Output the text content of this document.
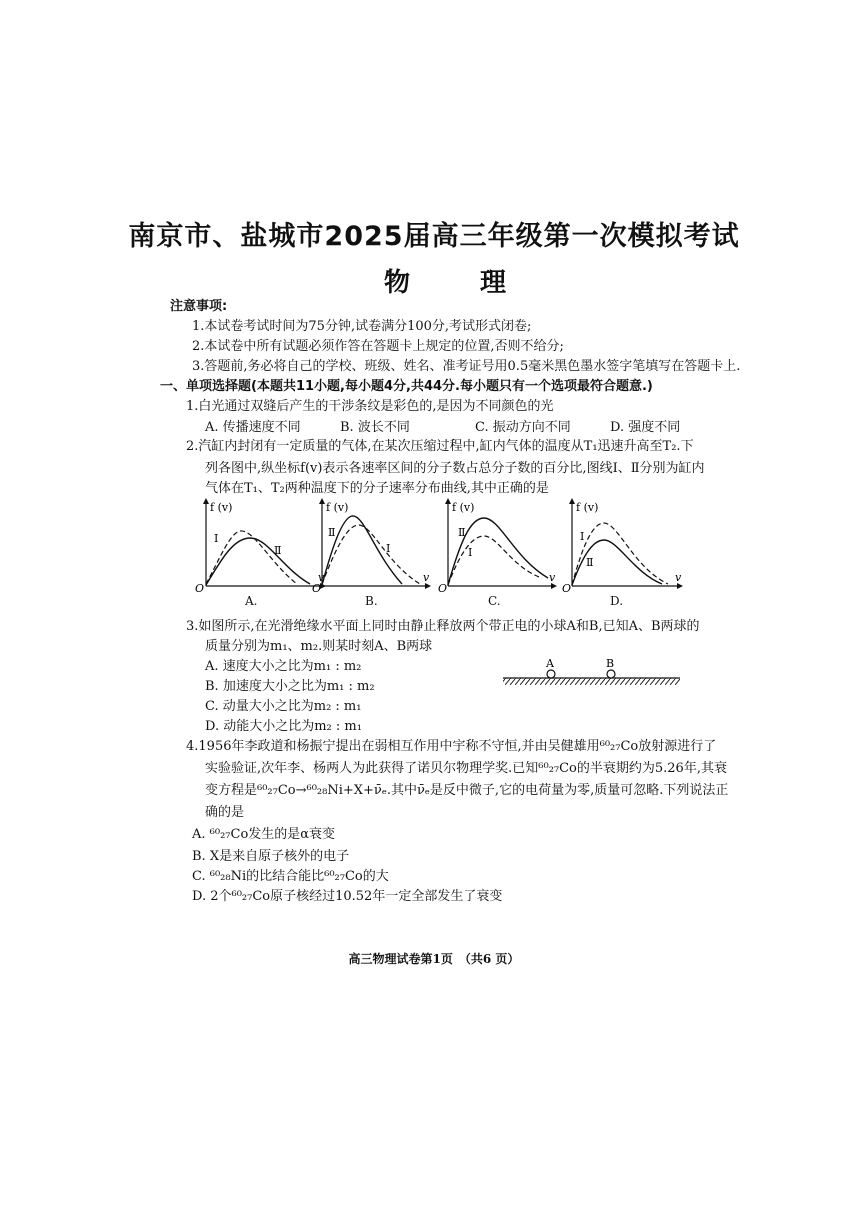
南京市、盐城市2025届高三年级第一次模拟考试
物　理
注意事项:
1.本试卷考试时间为75分钟,试卷满分100分,考试形式闭卷;
2.本试卷中所有试题必须作答在答题卡上规定的位置,否则不给分;
3.答题前,务必将自己的学校、班级、姓名、准考证号用0.5毫米黑色墨水签字笔填写在答题卡上.
一、单项选择题(本题共11小题,每小题4分,共44分.每小题只有一个选项最符合题意.)
1.白光通过双缝后产生的干涉条纹是彩色的,是因为不同颜色的光
A. 传播速度不同	B. 波长不同	C. 振动方向不同	D. 强度不同
2.汽缸内封闭有一定质量的气体,在某次压缩过程中,缸内气体的温度从T₁迅速升高至T₂.下
列各图中,纵坐标f(v)表示各速率区间的分子数占总分子数的百分比,图线Ⅰ、Ⅱ分别为缸内
气体在T₁、T₂两种温度下的分子速率分布曲线,其中正确的是
f (v)
v
O
Ⅰ
Ⅱ
A.
f (v)
v
O
Ⅱ
Ⅰ
B.
f (v)
v
O
Ⅱ
Ⅰ
C.
f (v)
v
O
Ⅰ
Ⅱ
D.
3.如图所示,在光滑绝缘水平面上同时由静止释放两个带正电的小球A和B,已知A、B两球的
质量分别为m₁、m₂.则某时刻A、B两球
A. 速度大小之比为m₁ : m₂
B. 加速度大小之比为m₁ : m₂
C. 动量大小之比为m₂ : m₁
D. 动能大小之比为m₂ : m₁
A	B
4.1956年李政道和杨振宁提出在弱相互作用中宇称不守恒,并由吴健雄用⁶⁰₂₇Co放射源进行了
实验验证,次年李、杨两人为此获得了诺贝尔物理学奖.已知⁶⁰₂₇Co的半衰期约为5.26年,其衰
变方程是⁶⁰₂₇Co→⁶⁰₂₈Ni+X+ν̄ₑ.其中ν̄ₑ是反中微子,它的电荷量为零,质量可忽略.下列说法正
确的是
A. ⁶⁰₂₇Co发生的是α衰变
B. X是来自原子核外的电子
C. ⁶⁰₂₈Ni的比结合能比⁶⁰₂₇Co的大
D. 2个⁶⁰₂₇Co原子核经过10.52年一定全部发生了衰变
高三物理试卷第1页　（共6 页）
